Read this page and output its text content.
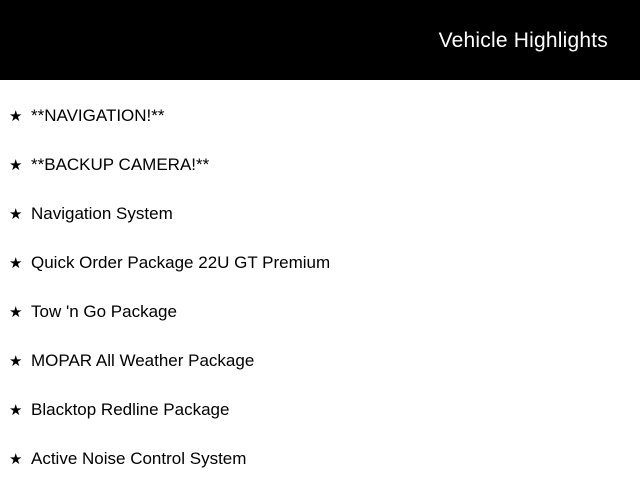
Vehicle Highlights
★ **NAVIGATION!**
★ **BACKUP CAMERA!**
★ Navigation System
★ Quick Order Package 22U GT Premium
★ Tow 'n Go Package
★ MOPAR All Weather Package
★ Blacktop Redline Package
★ Active Noise Control System
